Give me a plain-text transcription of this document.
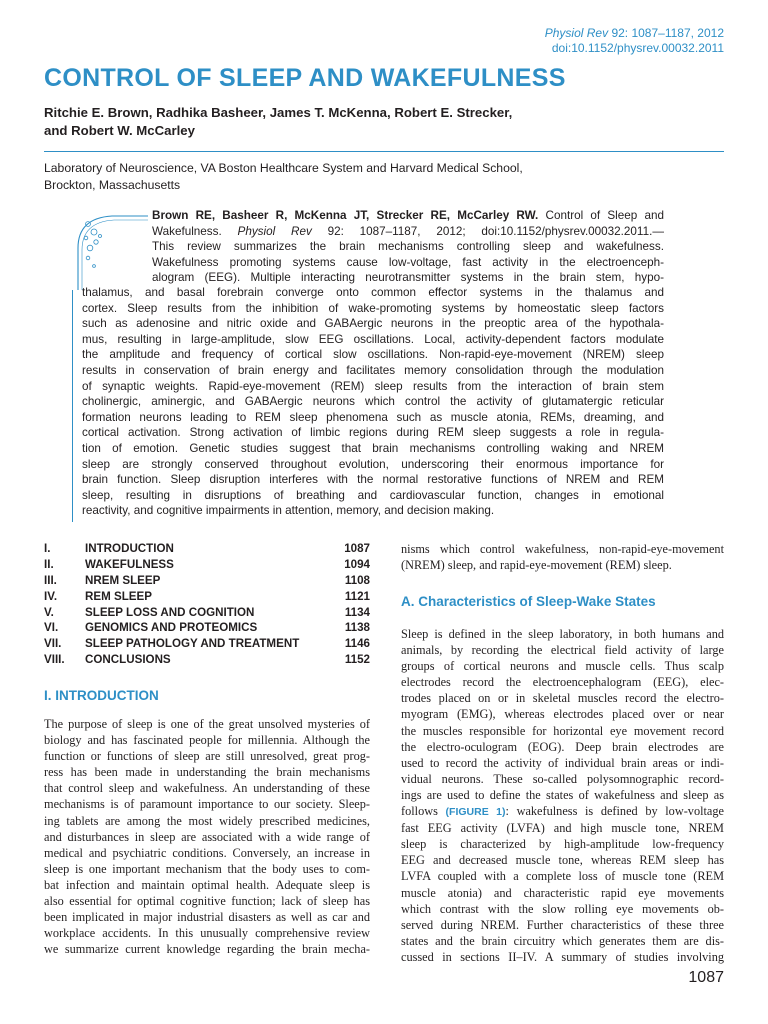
Physiol Rev 92: 1087–1187, 2012
doi:10.1152/physrev.00032.2011
CONTROL OF SLEEP AND WAKEFULNESS
Ritchie E. Brown, Radhika Basheer, James T. McKenna, Robert E. Strecker,
and Robert W. McCarley
Laboratory of Neuroscience, VA Boston Healthcare System and Harvard Medical School,
Brockton, Massachusetts
Brown RE, Basheer R, McKenna JT, Strecker RE, McCarley RW. Control of Sleep and
Wakefulness. Physiol Rev 92: 1087–1187, 2012; doi:10.1152/physrev.00032.2011.—
This review summarizes the brain mechanisms controlling sleep and wakefulness.
Wakefulness promoting systems cause low-voltage, fast activity in the electroenceph-
alogram (EEG). Multiple interacting neurotransmitter systems in the brain stem, hypo-
thalamus, and basal forebrain converge onto common effector systems in the thalamus and
cortex. Sleep results from the inhibition of wake-promoting systems by homeostatic sleep factors
such as adenosine and nitric oxide and GABAergic neurons in the preoptic area of the hypothala-
mus, resulting in large-amplitude, slow EEG oscillations. Local, activity-dependent factors modulate
the amplitude and frequency of cortical slow oscillations. Non-rapid-eye-movement (NREM) sleep
results in conservation of brain energy and facilitates memory consolidation through the modulation
of synaptic weights. Rapid-eye-movement (REM) sleep results from the interaction of brain stem
cholinergic, aminergic, and GABAergic neurons which control the activity of glutamatergic reticular
formation neurons leading to REM sleep phenomena such as muscle atonia, REMs, dreaming, and
cortical activation. Strong activation of limbic regions during REM sleep suggests a role in regula-
tion of emotion. Genetic studies suggest that brain mechanisms controlling waking and NREM
sleep are strongly conserved throughout evolution, underscoring their enormous importance for
brain function. Sleep disruption interferes with the normal restorative functions of NREM and REM
sleep, resulting in disruptions of breathing and cardiovascular function, changes in emotional
reactivity, and cognitive impairments in attention, memory, and decision making.
I.	INTRODUCTION	1087
II.	WAKEFULNESS	1094
III.	NREM SLEEP	1108
IV.	REM SLEEP	1121
V.	SLEEP LOSS AND COGNITION	1134
VI.	GENOMICS AND PROTEOMICS	1138
VII.	SLEEP PATHOLOGY AND TREATMENT	1146
VIII.	CONCLUSIONS	1152
I. INTRODUCTION
The purpose of sleep is one of the great unsolved mysteries of
biology and has fascinated people for millennia. Although the
function or functions of sleep are still unresolved, great prog-
ress has been made in understanding the brain mechanisms
that control sleep and wakefulness. An understanding of these
mechanisms is of paramount importance to our society. Sleep-
ing tablets are among the most widely prescribed medicines,
and disturbances in sleep are associated with a wide range of
medical and psychiatric conditions. Conversely, an increase in
sleep is one important mechanism that the body uses to com-
bat infection and maintain optimal health. Adequate sleep is
also essential for optimal cognitive function; lack of sleep has
been implicated in major industrial disasters as well as car and
workplace accidents. In this unusually comprehensive review
we summarize current knowledge regarding the brain mecha-
nisms which control wakefulness, non-rapid-eye-movement
(NREM) sleep, and rapid-eye-movement (REM) sleep.
A. Characteristics of Sleep-Wake States
Sleep is defined in the sleep laboratory, in both humans and
animals, by recording the electrical field activity of large
groups of cortical neurons and muscle cells. Thus scalp
electrodes record the electroencephalogram (EEG), elec-
trodes placed on or in skeletal muscles record the electro-
myogram (EMG), whereas electrodes placed over or near
the muscles responsible for horizontal eye movement record
the electro-oculogram (EOG). Deep brain electrodes are
used to record the activity of individual brain areas or indi-
vidual neurons. These so-called polysomnographic record-
ings are used to define the states of wakefulness and sleep as
follows (FIGURE 1): wakefulness is defined by low-voltage
fast EEG activity (LVFA) and high muscle tone, NREM
sleep is characterized by high-amplitude low-frequency
EEG and decreased muscle tone, whereas REM sleep has
LVFA coupled with a complete loss of muscle tone (REM
muscle atonia) and characteristic rapid eye movements
which contrast with the slow rolling eye movements ob-
served during NREM. Further characteristics of these three
states and the brain circuitry which generates them are dis-
cussed in sections II–IV. A summary of studies involving
1087
